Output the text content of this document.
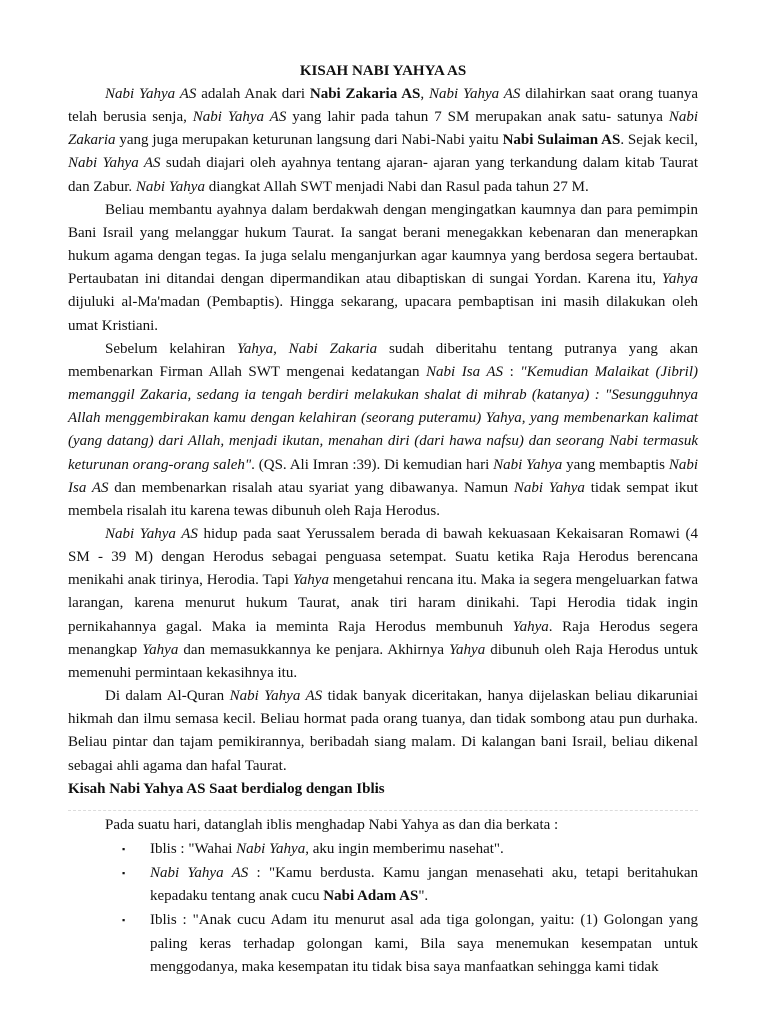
KISAH NABI YAHYA AS

Nabi Yahya AS adalah Anak dari Nabi Zakaria AS, Nabi Yahya AS dilahirkan saat orang tuanya telah berusia senja, Nabi Yahya AS yang lahir pada tahun 7 SM merupakan anak satu- satunya Nabi Zakaria yang juga merupakan keturunan langsung dari Nabi-Nabi yaitu Nabi Sulaiman AS. Sejak kecil, Nabi Yahya AS sudah diajari oleh ayahnya tentang ajaran- ajaran yang terkandung dalam kitab Taurat dan Zabur. Nabi Yahya diangkat Allah SWT menjadi Nabi dan Rasul pada tahun 27 M.

Beliau membantu ayahnya dalam berdakwah dengan mengingatkan kaumnya dan para pemimpin Bani Israil yang melanggar hukum Taurat. Ia sangat berani menegakkan kebenaran dan menerapkan hukum agama dengan tegas. Ia juga selalu menganjurkan agar kaumnya yang berdosa segera bertaubat. Pertaubatan ini ditandai dengan dipermandikan atau dibaptiskan di sungai Yordan. Karena itu, Yahya dijuluki al-Ma'madan (Pembaptis). Hingga sekarang, upacara pembaptisan ini masih dilakukan oleh umat Kristiani.

Sebelum kelahiran Yahya, Nabi Zakaria sudah diberitahu tentang putranya yang akan membenarkan Firman Allah SWT mengenai kedatangan Nabi Isa AS : "Kemudian Malaikat (Jibril) memanggil Zakaria, sedang ia tengah berdiri melakukan shalat di mihrab (katanya) : "Sesungguhnya Allah menggembirakan kamu dengan kelahiran (seorang puteramu) Yahya, yang membenarkan kalimat (yang datang) dari Allah, menjadi ikutan, menahan diri (dari hawa nafsu) dan seorang Nabi termasuk keturunan orang-orang saleh". (QS. Ali Imran :39). Di kemudian hari Nabi Yahya yang membaptis Nabi Isa AS dan membenarkan risalah atau syariat yang dibawanya. Namun Nabi Yahya tidak sempat ikut membela risalah itu karena tewas dibunuh oleh Raja Herodus.

Nabi Yahya AS hidup pada saat Yerussalem berada di bawah kekuasaan Kekaisaran Romawi (4 SM - 39 M) dengan Herodus sebagai penguasa setempat. Suatu ketika Raja Herodus berencana menikahi anak tirinya, Herodia. Tapi Yahya mengetahui rencana itu. Maka ia segera mengeluarkan fatwa larangan, karena menurut hukum Taurat, anak tiri haram dinikahi. Tapi Herodia tidak ingin pernikahannya gagal. Maka ia meminta Raja Herodus membunuh Yahya. Raja Herodus segera menangkap Yahya dan memasukkannya ke penjara. Akhirnya Yahya dibunuh oleh Raja Herodus untuk memenuhi permintaan kekasihnya itu.

Di dalam Al-Quran Nabi Yahya AS tidak banyak diceritakan, hanya dijelaskan beliau dikaruniai hikmah dan ilmu semasa kecil. Beliau hormat pada orang tuanya, dan tidak sombong atau pun durhaka. Beliau pintar dan tajam pemikirannya, beribadah siang malam. Di kalangan bani Israil, beliau dikenal sebagai ahli agama dan hafal Taurat.

Kisah Nabi Yahya AS Saat berdialog dengan Iblis

Pada suatu hari, datanglah iblis menghadap Nabi Yahya as dan dia berkata :

▪ Iblis : "Wahai Nabi Yahya, aku ingin memberimu nasehat".
▪ Nabi Yahya AS : "Kamu berdusta. Kamu jangan menasehati aku, tetapi beritahukan kepadaku tentang anak cucu Nabi Adam AS".
▪ Iblis : "Anak cucu Adam itu menurut asal ada tiga golongan, yaitu: (1) Golongan yang paling keras terhadap golongan kami, Bila saya menemukan kesempatan untuk menggodanya, maka kesempatan itu tidak bisa saya manfaatkan sehingga kami tidak
